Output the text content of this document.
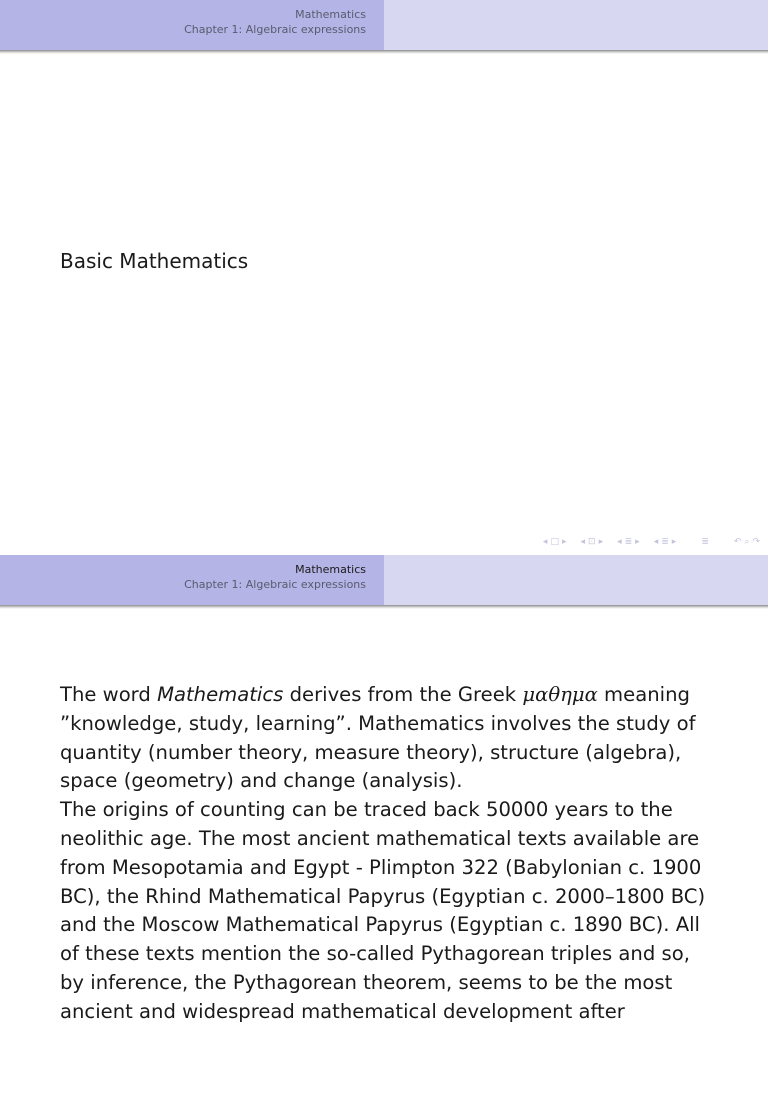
Mathematics
Chapter 1: Algebraic expressions
Basic Mathematics
◂ □ ▸ ◂ ⊡ ▸ ◂ ≣ ▸ ◂ ≣ ▸	≣	↶ ⌕ ↷
Mathematics
Chapter 1: Algebraic expressions

The word Mathematics derives from the Greek μαθημα meaning ”knowledge, study, learning”. Mathematics involves the study of quantity (number theory, measure theory), structure (algebra), space (geometry) and change (analysis).

The origins of counting can be traced back 50000 years to the neolithic age. The most ancient mathematical texts available are from Mesopotamia and Egypt - Plimpton 322 (Babylonian c. 1900 BC), the Rhind Mathematical Papyrus (Egyptian c. 2000–1800 BC) and the Moscow Mathematical Papyrus (Egyptian c. 1890 BC). All of these texts mention the so-called Pythagorean triples and so, by inference, the Pythagorean theorem, seems to be the most ancient and widespread mathematical development after
